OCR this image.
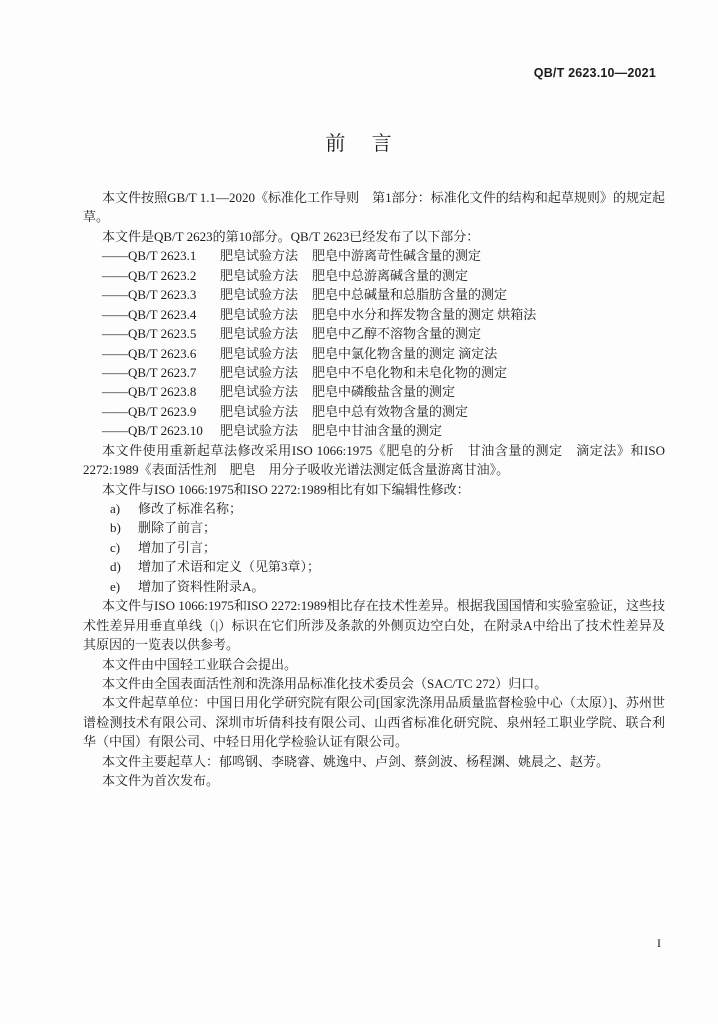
QB/T 2623.10—2021
前 言

本文件按照GB/T 1.1—2020《标准化工作导则　第1部分：标准化文件的结构和起草规则》的规定起草。

本文件是QB/T 2623的第10部分。QB/T 2623已经发布了以下部分：

——QB/T 2623.1 肥皂试验方法 肥皂中游离苛性碱含量的测定
——QB/T 2623.2 肥皂试验方法 肥皂中总游离碱含量的测定
——QB/T 2623.3 肥皂试验方法 肥皂中总碱量和总脂肪含量的测定
——QB/T 2623.4 肥皂试验方法 肥皂中水分和挥发物含量的测定 烘箱法
——QB/T 2623.5 肥皂试验方法 肥皂中乙醇不溶物含量的测定
——QB/T 2623.6 肥皂试验方法 肥皂中氯化物含量的测定 滴定法
——QB/T 2623.7 肥皂试验方法 肥皂中不皂化物和未皂化物的测定
——QB/T 2623.8 肥皂试验方法 肥皂中磷酸盐含量的测定
——QB/T 2623.9 肥皂试验方法 肥皂中总有效物含量的测定
——QB/T 2623.10 肥皂试验方法 肥皂中甘油含量的测定

本文件使用重新起草法修改采用ISO 1066:1975《肥皂的分析　甘油含量的测定　滴定法》和ISO 2272:1989《表面活性剂　肥皂　用分子吸收光谱法测定低含量游离甘油》。

本文件与ISO 1066:1975和ISO 2272:1989相比有如下编辑性修改：

a) 修改了标准名称；
b) 删除了前言；
c) 增加了引言；
d) 增加了术语和定义（见第3章）；
e) 增加了资料性附录A。

本文件与ISO 1066:1975和ISO 2272:1989相比存在技术性差异。根据我国国情和实验室验证，这些技术性差异用垂直单线（|）标识在它们所涉及条款的外侧页边空白处，在附录A中给出了技术性差异及其原因的一览表以供参考。

本文件由中国轻工业联合会提出。

本文件由全国表面活性剂和洗涤用品标准化技术委员会（SAC/TC 272）归口。

本文件起草单位：中国日用化学研究院有限公司[国家洗涤用品质量监督检验中心（太原）]、苏州世谱检测技术有限公司、深圳市圻倩科技有限公司、山西省标准化研究院、泉州轻工职业学院、联合利华（中国）有限公司、中轻日用化学检验认证有限公司。

本文件主要起草人：郁鸣钢、李晓睿、姚逸中、卢剑、蔡剑波、杨程渊、姚晨之、赵芳。

本文件为首次发布。

I
